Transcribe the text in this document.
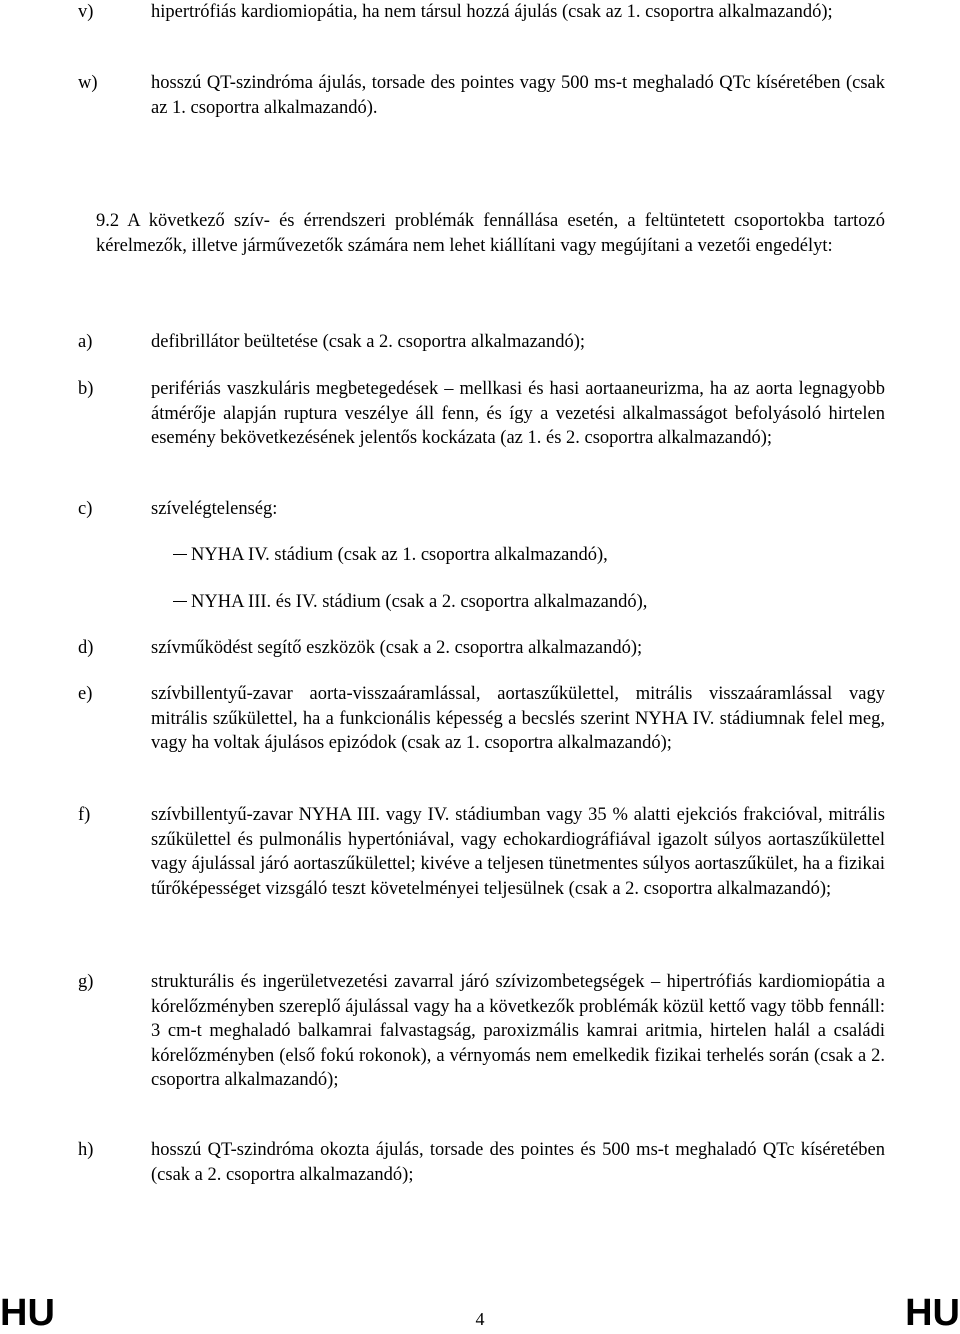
v)	hipertrófiás kardiomiopátia, ha nem társul hozzá ájulás (csak az 1. csoportra alkalmazandó);
w)	hosszú QT-szindróma ájulás, torsade des pointes vagy 500 ms-t meghaladó QTc kíséretében (csak az 1. csoportra alkalmazandó).
9.2 A következő szív- és érrendszeri problémák fennállása esetén, a feltüntetett csoportokba tartozó kérelmezők, illetve járművezetők számára nem lehet kiállítani vagy megújítani a vezetői engedélyt:
a)	defibrillátor beültetése (csak a 2. csoportra alkalmazandó);
b)	perifériás vaszkuláris megbetegedések – mellkasi és hasi aortaaneurizma, ha az aorta legnagyobb átmérője alapján ruptura veszélye áll fenn, és így a vezetési alkalmasságot befolyásoló hirtelen esemény bekövetkezésének jelentős kockázata (az 1. és 2. csoportra alkalmazandó);
c)	szívelégtelenség:
NYHA IV. stádium (csak az 1. csoportra alkalmazandó),
NYHA III. és IV. stádium (csak a 2. csoportra alkalmazandó),
d)	szívműködést segítő eszközök (csak a 2. csoportra alkalmazandó);
e)	szívbillentyű-zavar aorta-visszaáramlással, aortaszűkülettel, mitrális visszaáramlással vagy mitrális szűkülettel, ha a funkcionális képesség a becslés szerint NYHA IV. stádiumnak felel meg, vagy ha voltak ájulásos epizódok (csak az 1. csoportra alkalmazandó);
f)	szívbillentyű-zavar NYHA III. vagy IV. stádiumban vagy 35 % alatti ejekciós frakcióval, mitrális szűkülettel és pulmonális hypertóniával, vagy echokardiográfiával igazolt súlyos aortaszűkülettel vagy ájulással járó aortaszűkülettel; kivéve a teljesen tünetmentes súlyos aortaszűkület, ha a fizikai tűrőképességet vizsgáló teszt követelményei teljesülnek (csak a 2. csoportra alkalmazandó);
g)	strukturális és ingerületvezetési zavarral járó szívizombetegségek – hipertrófiás kardiomiopátia a kórelőzményben szereplő ájulással vagy ha a következők problémák közül kettő vagy több fennáll: 3 cm-t meghaladó balkamrai falvastagság, paroxizmális kamrai aritmia, hirtelen halál a családi kórelőzményben (első fokú rokonok), a vérnyomás nem emelkedik fizikai terhelés során (csak a 2. csoportra alkalmazandó);
h)	hosszú QT-szindróma okozta ájulás, torsade des pointes és 500 ms-t meghaladó QTc kíséretében (csak a 2. csoportra alkalmazandó);
HU	4	HU
